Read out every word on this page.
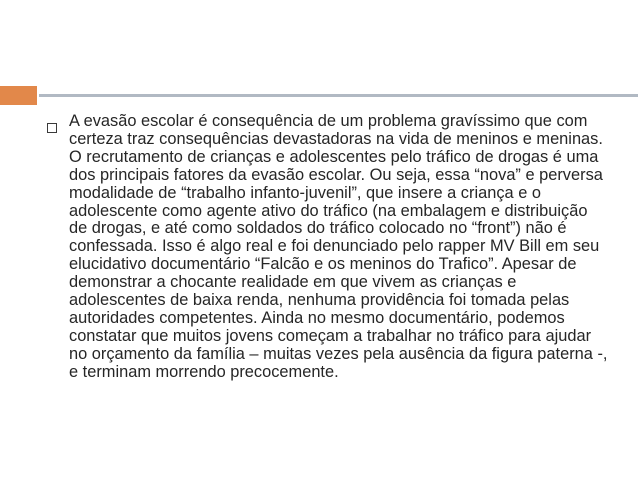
A evasão escolar é consequência de um problema gravíssimo que com certeza traz consequências devastadoras na vida de meninos e meninas. O recrutamento de crianças e adolescentes pelo tráfico de drogas é uma dos principais fatores da evasão escolar. Ou seja, essa “nova” e perversa modalidade de “trabalho infanto-juvenil”, que insere a criança e o adolescente como agente ativo do tráfico (na embalagem e distribuição de drogas, e até como soldados do tráfico colocado no “front”) não é confessada. Isso é algo real e foi denunciado pelo rapper MV Bill em seu elucidativo documentário “Falcão e os meninos do Trafico”. Apesar de demonstrar a chocante realidade em que vivem as crianças e adolescentes de baixa renda, nenhuma providência foi tomada pelas autoridades competentes. Ainda no mesmo documentário, podemos constatar que muitos jovens começam a trabalhar no tráfico para ajudar no orçamento da família – muitas vezes pela ausência da figura paterna -, e terminam morrendo precocemente.
